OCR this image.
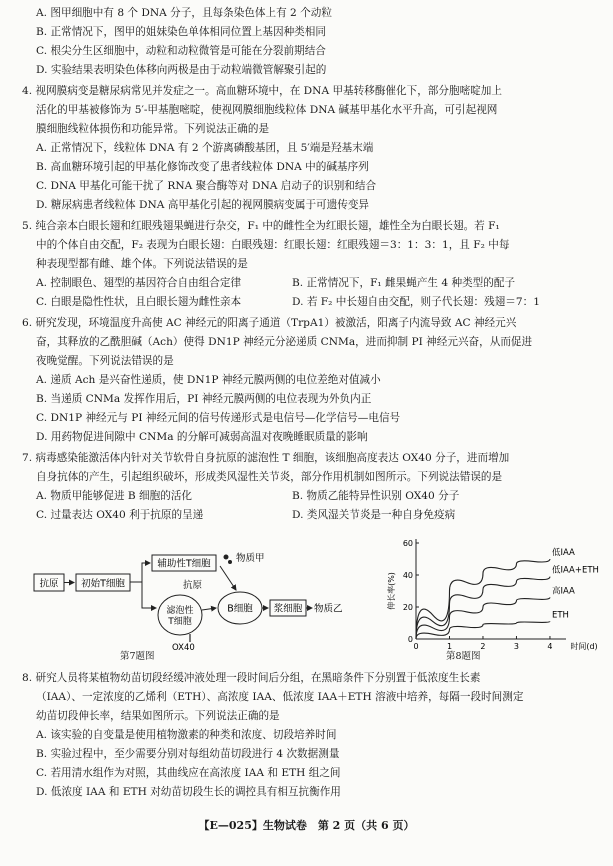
A. 图甲细胞中有 8 个 DNA 分子，且每条染色体上有 2 个动粒
B. 正常情况下，图甲的姐妹染色单体相同位置上基因种类相同
C. 根尖分生区细胞中，动粒和动粒微管是可能在分裂前期结合
D. 实验结果表明染色体移向两极是由于动粒端微管解聚引起的
4. 视网膜病变是糖尿病常见并发症之一。高血糖环境中，在 DNA 甲基转移酶催化下，部分胞嘧啶加上
活化的甲基被修饰为 5′-甲基胞嘧啶，使视网膜细胞线粒体 DNA 碱基甲基化水平升高，可引起视网
膜细胞线粒体损伤和功能异常。下列说法正确的是
A. 正常情况下，线粒体 DNA 有 2 个游离磷酸基团，且 5′端是羟基末端
B. 高血糖环境引起的甲基化修饰改变了患者线粒体 DNA 中的碱基序列
C. DNA 甲基化可能干扰了 RNA 聚合酶等对 DNA 启动子的识别和结合
D. 糖尿病患者线粒体 DNA 高甲基化引起的视网膜病变属于可遗传变异
5. 纯合亲本白眼长翅和红眼残翅果蝇进行杂交，F₁ 中的雌性全为红眼长翅，雄性全为白眼长翅。若 F₁
中的个体自由交配，F₂ 表现为白眼长翅：白眼残翅：红眼长翅：红眼残翅＝3：1：3：1，且 F₂ 中每
种表现型都有雌、雄个体。下列说法错误的是
A. 控制眼色、翅型的基因符合自由组合定律	B. 正常情况下，F₁ 雌果蝇产生 4 种类型的配子
C. 白眼是隐性性状，且白眼长翅为雌性亲本	D. 若 F₂ 中长翅自由交配，则子代长翅：残翅＝7：1
6. 研究发现，环境温度升高使 AC 神经元的阳离子通道（TrpA1）被激活，阳离子内流导致 AC 神经元兴
奋，其释放的乙酰胆碱（Ach）使得 DN1P 神经元分泌递质 CNMa，进而抑制 PI 神经元兴奋，从而促进
夜晚觉醒。下列说法错误的是
A. 递质 Ach 是兴奋性递质，使 DN1P 神经元膜两侧的电位差绝对值减小
B. 当递质 CNMa 发挥作用后，PI 神经元膜两侧的电位表现为外负内正
C. DN1P 神经元与 PI 神经元间的信号传递形式是电信号—化学信号—电信号
D. 用药物促进间隙中 CNMa 的分解可减弱高温对夜晚睡眠质量的影响
7. 病毒感染能激活体内针对关节软骨自身抗原的滤泡性 T 细胞，该细胞高度表达 OX40 分子，进而增加
自身抗体的产生，引起组织破坏，形成类风湿性关节炎，部分作用机制如图所示。下列说法错误的是
A. 物质甲能够促进 B 细胞的活化	B. 物质乙能特异性识别 OX40 分子
C. 过量表达 OX40 利于抗原的呈递	D. 类风湿关节炎是一种自身免疫病
抗原 初始T细胞
辅助性T细胞	物质甲
抗原
滤泡性 T细胞
OX40
B细胞 浆细胞 物质乙
第7题图
0
20
40
60
0	1	2	3	4 时间(d)
伸长率(%)
低IAA
低IAA+ETH
高IAA
ETH
第8题图
8. 研究人员将某植物幼苗切段经缓冲液处理一段时间后分组，在黑暗条件下分别置于低浓度生长素
（IAA）、一定浓度的乙烯利（ETH）、高浓度 IAA、低浓度 IAA＋ETH 溶液中培养，每隔一段时间测定
幼苗切段伸长率，结果如图所示。下列说法正确的是
A. 该实验的自变量是使用植物激素的种类和浓度、切段培养时间
B. 实验过程中，至少需要分别对每组幼苗切段进行 4 次数据测量
C. 若用清水组作为对照，其曲线应在高浓度 IAA 和 ETH 组之间
D. 低浓度 IAA 和 ETH 对幼苗切段生长的调控具有相互抗衡作用
【E—025】生物试卷　第 2 页（共 6 页）
